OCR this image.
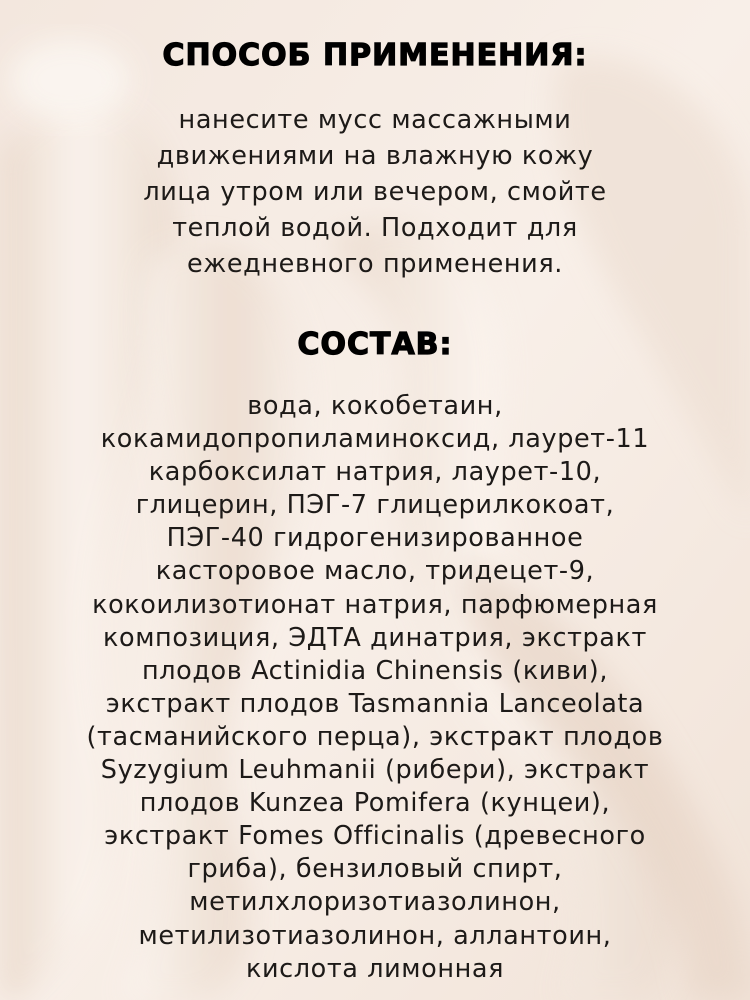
СПОСОБ ПРИМЕНЕНИЯ:

нанесите мусс массажными
движениями на влажную кожу
лица утром или вечером, смойте
теплой водой. Подходит для
ежедневного применения.

СОСТАВ:

вода, кокобетаин,
кокамидопропиламиноксид, лаурет-11
карбоксилат натрия, лаурет-10,
глицерин, ПЭГ-7 глицерилкокоат,
ПЭГ-40 гидрогенизированное
касторовое масло, тридецет-9,
кокоилизотионат натрия, парфюмерная
композиция, ЭДТА динатрия, экстракт
плодов Actinidia Chinensis (киви),
экстракт плодов Tasmannia Lanceolata
(тасманийского перца), экстракт плодов
Syzygium Leuhmanii (рибери), экстракт
плодов Kunzea Pomifera (кунцеи),
экстракт Fomes Officinalis (древесного
гриба), бензиловый спирт,
метилхлоризотиазолинон,
метилизотиазолинон, аллантоин,
кислота лимонная
